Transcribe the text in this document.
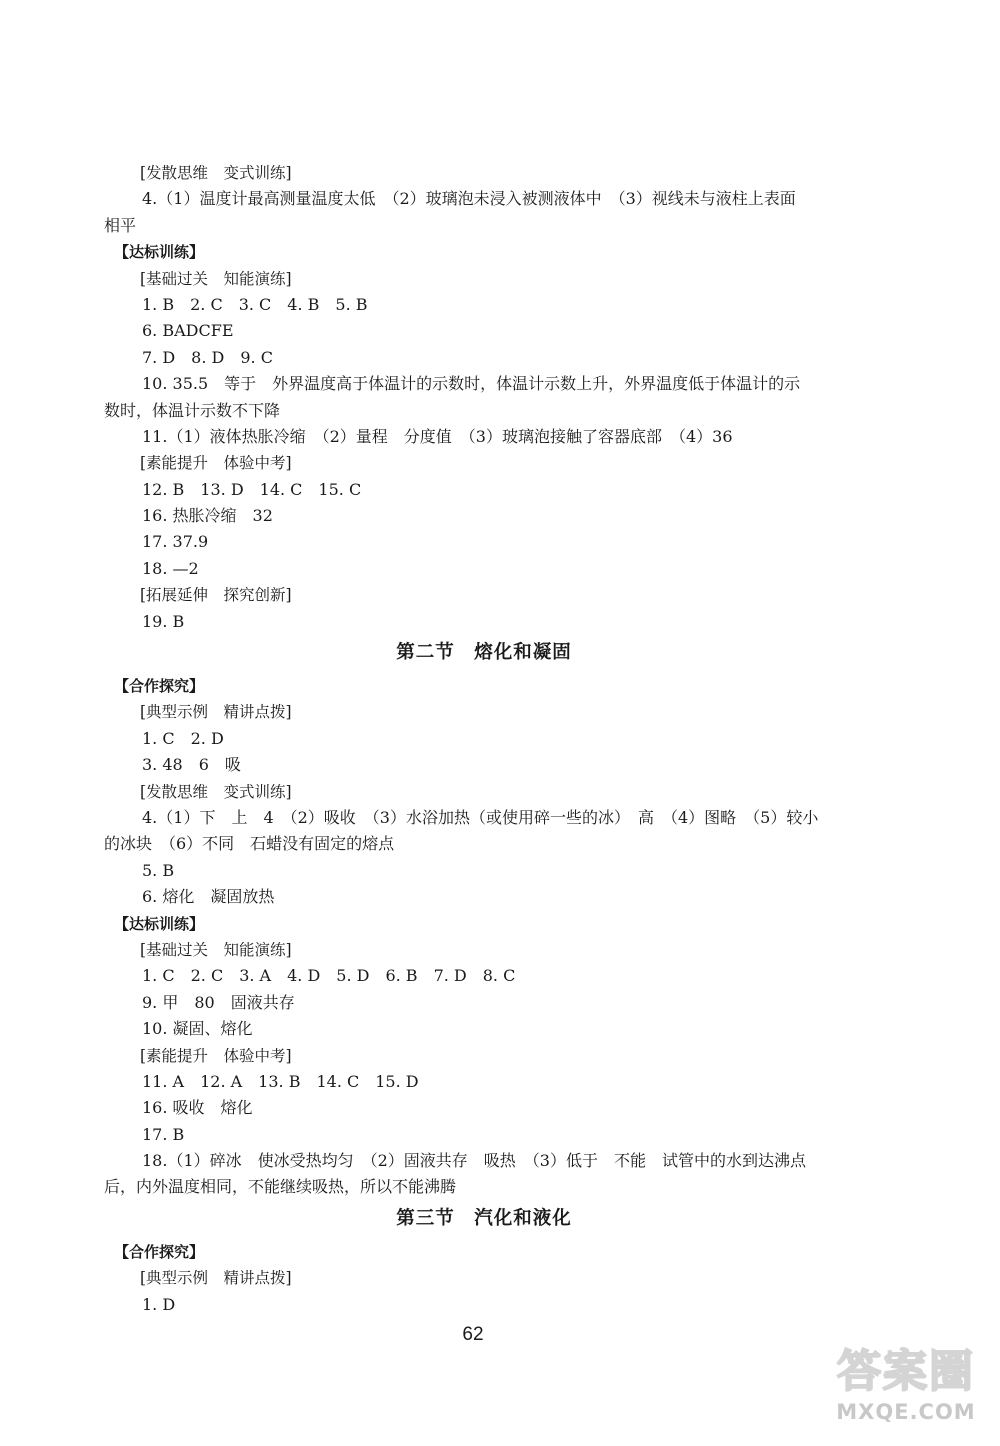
[发散思维　变式训练]
4.（1）温度计最高测量温度太低　（2）玻璃泡未浸入被测液体中　（3）视线未与液柱上表面
相平
【达标训练】
[基础过关　知能演练]
1. B　2. C　3. C　4. B　5. B
6. BADCFE
7. D　8. D　9. C
10. 35.5　等于　外界温度高于体温计的示数时，体温计示数上升，外界温度低于体温计的示
数时，体温计示数不下降
11.（1）液体热胀冷缩　（2）量程　分度值　（3）玻璃泡接触了容器底部　（4）36
[素能提升　体验中考]
12. B　13. D　14. C　15. C
16. 热胀冷缩　32
17. 37.9
18. —2
[拓展延伸　探究创新]
19. B
第二节　熔化和凝固
【合作探究】
[典型示例　精讲点拨]
1. C　2. D
3. 48　6　吸
[发散思维　变式训练]
4.（1）下　上　4　（2）吸收　（3）水浴加热（或使用碎一些的冰）　高　（4）图略　（5）较小
的冰块　（6）不同　石蜡没有固定的熔点
5. B
6. 熔化　凝固放热
【达标训练】
[基础过关　知能演练]
1. C　2. C　3. A　4. D　5. D　6. B　7. D　8. C
9. 甲　80　固液共存
10. 凝固、熔化
[素能提升　体验中考]
11. A　12. A　13. B　14. C　15. D
16. 吸收　熔化
17. B
18.（1）碎冰　使冰受热均匀　（2）固液共存　吸热　（3）低于　不能　试管中的水到达沸点
后，内外温度相同，不能继续吸热，所以不能沸腾
第三节　汽化和液化
【合作探究】
[典型示例　精讲点拨]
1. D
62
答案圈
MXQE.COM
